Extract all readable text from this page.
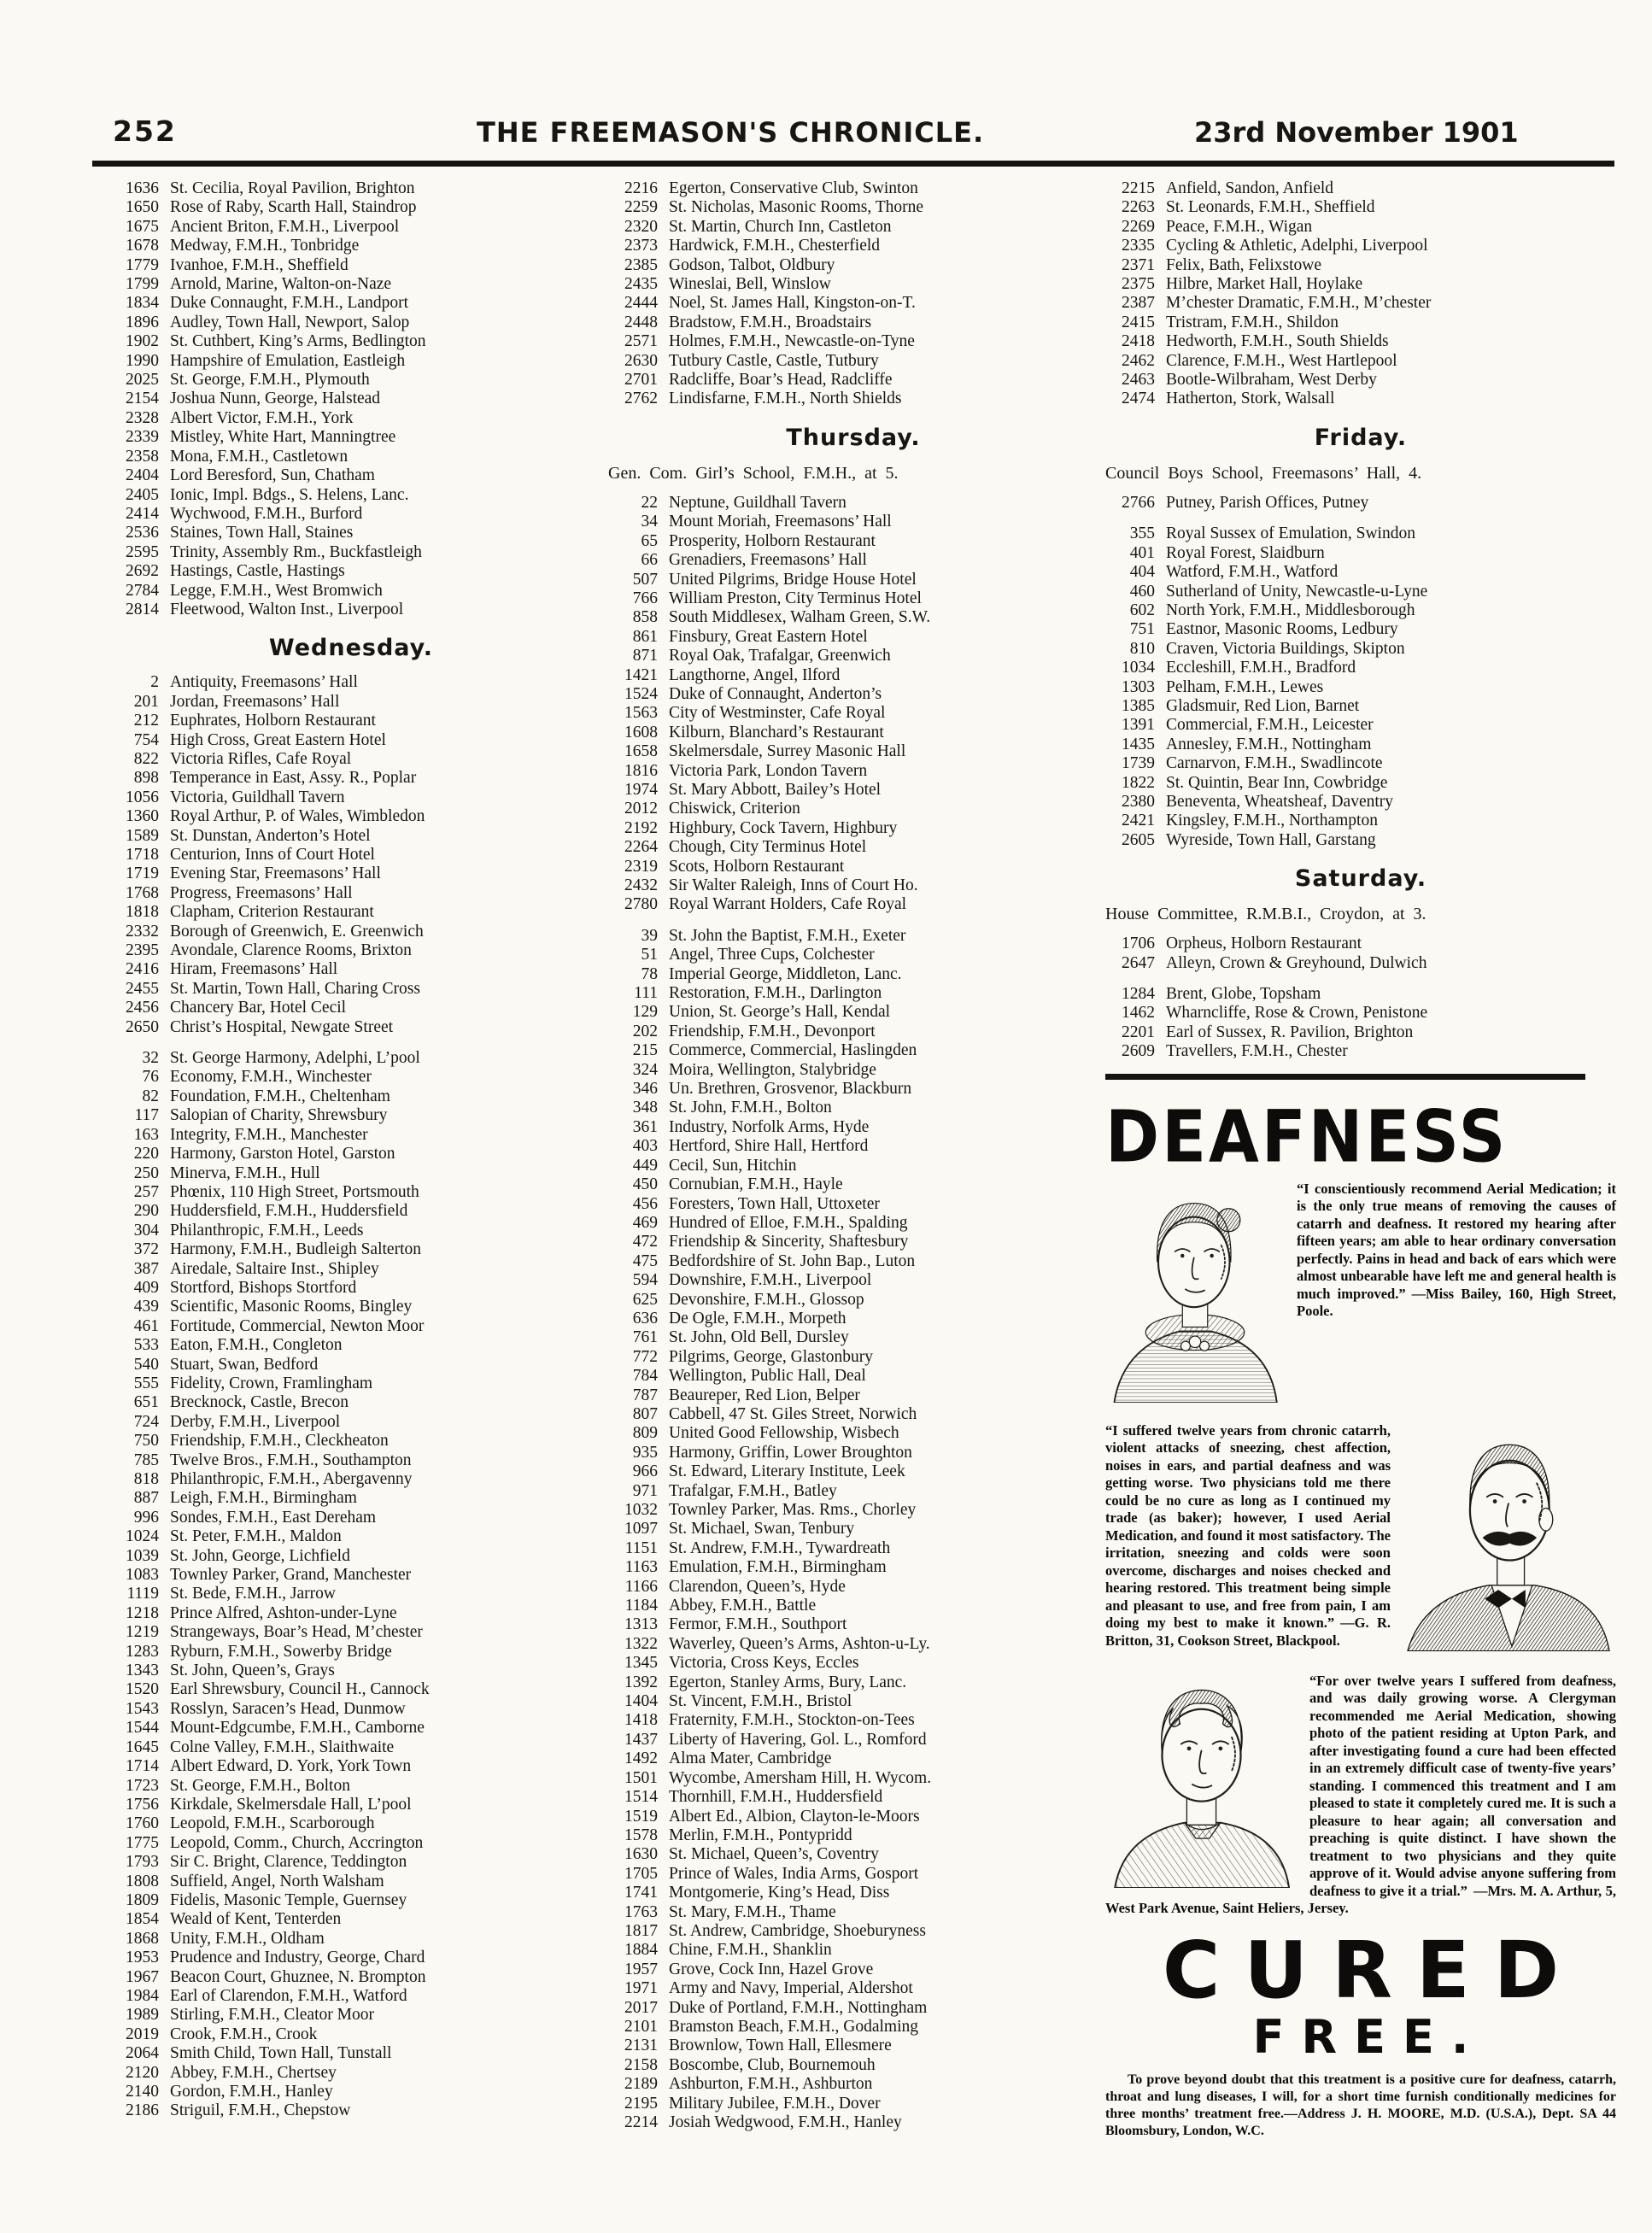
252	THE FREEMASON'S CHRONICLE.	23rd November 1901
1636 St. Cecilia, Royal Pavilion, Brighton
1650 Rose of Raby, Scarth Hall, Staindrop
1675 Ancient Briton, F.M.H., Liverpool
1678 Medway, F.M.H., Tonbridge
1779 Ivanhoe, F.M.H., Sheffield
1799 Arnold, Marine, Walton-on-Naze
1834 Duke Connaught, F.M.H., Landport
1896 Audley, Town Hall, Newport, Salop
1902 St. Cuthbert, King’s Arms, Bedlington
1990 Hampshire of Emulation, Eastleigh
2025 St. George, F.M.H., Plymouth
2154 Joshua Nunn, George, Halstead
2328 Albert Victor, F.M.H., York
2339 Mistley, White Hart, Manningtree
2358 Mona, F.M.H., Castletown
2404 Lord Beresford, Sun, Chatham
2405 Ionic, Impl. Bdgs., S. Helens, Lanc.
2414 Wychwood, F.M.H., Burford
2536 Staines, Town Hall, Staines
2595 Trinity, Assembly Rm., Buckfastleigh
2692 Hastings, Castle, Hastings
2784 Legge, F.M.H., West Bromwich
2814 Fleetwood, Walton Inst., Liverpool
Wednesday.
2 Antiquity, Freemasons’ Hall
201 Jordan, Freemasons’ Hall
212 Euphrates, Holborn Restaurant
754 High Cross, Great Eastern Hotel
822 Victoria Rifles, Cafe Royal
898 Temperance in East, Assy. R., Poplar
1056 Victoria, Guildhall Tavern
1360 Royal Arthur, P. of Wales, Wimbledon
1589 St. Dunstan, Anderton’s Hotel
1718 Centurion, Inns of Court Hotel
1719 Evening Star, Freemasons’ Hall
1768 Progress, Freemasons’ Hall
1818 Clapham, Criterion Restaurant
2332 Borough of Greenwich, E. Greenwich
2395 Avondale, Clarence Rooms, Brixton
2416 Hiram, Freemasons’ Hall
2455 St. Martin, Town Hall, Charing Cross
2456 Chancery Bar, Hotel Cecil
2650 Christ’s Hospital, Newgate Street
32 St. George Harmony, Adelphi, L’pool
76 Economy, F.M.H., Winchester
82 Foundation, F.M.H., Cheltenham
117 Salopian of Charity, Shrewsbury
163 Integrity, F.M.H., Manchester
220 Harmony, Garston Hotel, Garston
250 Minerva, F.M.H., Hull
257 Phœnix, 110 High Street, Portsmouth
290 Huddersfield, F.M.H., Huddersfield
304 Philanthropic, F.M.H., Leeds
372 Harmony, F.M.H., Budleigh Salterton
387 Airedale, Saltaire Inst., Shipley
409 Stortford, Bishops Stortford
439 Scientific, Masonic Rooms, Bingley
461 Fortitude, Commercial, Newton Moor
533 Eaton, F.M.H., Congleton
540 Stuart, Swan, Bedford
555 Fidelity, Crown, Framlingham
651 Brecknock, Castle, Brecon
724 Derby, F.M.H., Liverpool
750 Friendship, F.M.H., Cleckheaton
785 Twelve Bros., F.M.H., Southampton
818 Philanthropic, F.M.H., Abergavenny
887 Leigh, F.M.H., Birmingham
996 Sondes, F.M.H., East Dereham
1024 St. Peter, F.M.H., Maldon
1039 St. John, George, Lichfield
1083 Townley Parker, Grand, Manchester
1119 St. Bede, F.M.H., Jarrow
1218 Prince Alfred, Ashton-under-Lyne
1219 Strangeways, Boar’s Head, M’chester
1283 Ryburn, F.M.H., Sowerby Bridge
1343 St. John, Queen’s, Grays
1520 Earl Shrewsbury, Council H., Cannock
1543 Rosslyn, Saracen’s Head, Dunmow
1544 Mount-Edgcumbe, F.M.H., Camborne
1645 Colne Valley, F.M.H., Slaithwaite
1714 Albert Edward, D. York, York Town
1723 St. George, F.M.H., Bolton
1756 Kirkdale, Skelmersdale Hall, L’pool
1760 Leopold, F.M.H., Scarborough
1775 Leopold, Comm., Church, Accrington
1793 Sir C. Bright, Clarence, Teddington
1808 Suffield, Angel, North Walsham
1809 Fidelis, Masonic Temple, Guernsey
1854 Weald of Kent, Tenterden
1868 Unity, F.M.H., Oldham
1953 Prudence and Industry, George, Chard
1967 Beacon Court, Ghuznee, N. Brompton
1984 Earl of Clarendon, F.M.H., Watford
1989 Stirling, F.M.H., Cleator Moor
2019 Crook, F.M.H., Crook
2064 Smith Child, Town Hall, Tunstall
2120 Abbey, F.M.H., Chertsey
2140 Gordon, F.M.H., Hanley
2186 Striguil, F.M.H., Chepstow
2216 Egerton, Conservative Club, Swinton
2259 St. Nicholas, Masonic Rooms, Thorne
2320 St. Martin, Church Inn, Castleton
2373 Hardwick, F.M.H., Chesterfield
2385 Godson, Talbot, Oldbury
2435 Wineslai, Bell, Winslow
2444 Noel, St. James Hall, Kingston-on-T.
2448 Bradstow, F.M.H., Broadstairs
2571 Holmes, F.M.H., Newcastle-on-Tyne
2630 Tutbury Castle, Castle, Tutbury
2701 Radcliffe, Boar’s Head, Radcliffe
2762 Lindisfarne, F.M.H., North Shields
Thursday.
Gen. Com. Girl’s School, F.M.H., at 5.
22 Neptune, Guildhall Tavern
34 Mount Moriah, Freemasons’ Hall
65 Prosperity, Holborn Restaurant
66 Grenadiers, Freemasons’ Hall
507 United Pilgrims, Bridge House Hotel
766 William Preston, City Terminus Hotel
858 South Middlesex, Walham Green, S.W.
861 Finsbury, Great Eastern Hotel
871 Royal Oak, Trafalgar, Greenwich
1421 Langthorne, Angel, Ilford
1524 Duke of Connaught, Anderton’s
1563 City of Westminster, Cafe Royal
1608 Kilburn, Blanchard’s Restaurant
1658 Skelmersdale, Surrey Masonic Hall
1816 Victoria Park, London Tavern
1974 St. Mary Abbott, Bailey’s Hotel
2012 Chiswick, Criterion
2192 Highbury, Cock Tavern, Highbury
2264 Chough, City Terminus Hotel
2319 Scots, Holborn Restaurant
2432 Sir Walter Raleigh, Inns of Court Ho.
2780 Royal Warrant Holders, Cafe Royal
39 St. John the Baptist, F.M.H., Exeter
51 Angel, Three Cups, Colchester
78 Imperial George, Middleton, Lanc.
111 Restoration, F.M.H., Darlington
129 Union, St. George’s Hall, Kendal
202 Friendship, F.M.H., Devonport
215 Commerce, Commercial, Haslingden
324 Moira, Wellington, Stalybridge
346 Un. Brethren, Grosvenor, Blackburn
348 St. John, F.M.H., Bolton
361 Industry, Norfolk Arms, Hyde
403 Hertford, Shire Hall, Hertford
449 Cecil, Sun, Hitchin
450 Cornubian, F.M.H., Hayle
456 Foresters, Town Hall, Uttoxeter
469 Hundred of Elloe, F.M.H., Spalding
472 Friendship & Sincerity, Shaftesbury
475 Bedfordshire of St. John Bap., Luton
594 Downshire, F.M.H., Liverpool
625 Devonshire, F.M.H., Glossop
636 De Ogle, F.M.H., Morpeth
761 St. John, Old Bell, Dursley
772 Pilgrims, George, Glastonbury
784 Wellington, Public Hall, Deal
787 Beaureper, Red Lion, Belper
807 Cabbell, 47 St. Giles Street, Norwich
809 United Good Fellowship, Wisbech
935 Harmony, Griffin, Lower Broughton
966 St. Edward, Literary Institute, Leek
971 Trafalgar, F.M.H., Batley
1032 Townley Parker, Mas. Rms., Chorley
1097 St. Michael, Swan, Tenbury
1151 St. Andrew, F.M.H., Tywardreath
1163 Emulation, F.M.H., Birmingham
1166 Clarendon, Queen’s, Hyde
1184 Abbey, F.M.H., Battle
1313 Fermor, F.M.H., Southport
1322 Waverley, Queen’s Arms, Ashton-u-Ly.
1345 Victoria, Cross Keys, Eccles
1392 Egerton, Stanley Arms, Bury, Lanc.
1404 St. Vincent, F.M.H., Bristol
1418 Fraternity, F.M.H., Stockton-on-Tees
1437 Liberty of Havering, Gol. L., Romford
1492 Alma Mater, Cambridge
1501 Wycombe, Amersham Hill, H. Wycom.
1514 Thornhill, F.M.H., Huddersfield
1519 Albert Ed., Albion, Clayton-le-Moors
1578 Merlin, F.M.H., Pontypridd
1630 St. Michael, Queen’s, Coventry
1705 Prince of Wales, India Arms, Gosport
1741 Montgomerie, King’s Head, Diss
1763 St. Mary, F.M.H., Thame
1817 St. Andrew, Cambridge, Shoeburyness
1884 Chine, F.M.H., Shanklin
1957 Grove, Cock Inn, Hazel Grove
1971 Army and Navy, Imperial, Aldershot
2017 Duke of Portland, F.M.H., Nottingham
2101 Bramston Beach, F.M.H., Godalming
2131 Brownlow, Town Hall, Ellesmere
2158 Boscombe, Club, Bournemouh
2189 Ashburton, F.M.H., Ashburton
2195 Military Jubilee, F.M.H., Dover
2214 Josiah Wedgwood, F.M.H., Hanley
2215 Anfield, Sandon, Anfield
2263 St. Leonards, F.M.H., Sheffield
2269 Peace, F.M.H., Wigan
2335 Cycling & Athletic, Adelphi, Liverpool
2371 Felix, Bath, Felixstowe
2375 Hilbre, Market Hall, Hoylake
2387 M’chester Dramatic, F.M.H., M’chester
2415 Tristram, F.M.H., Shildon
2418 Hedworth, F.M.H., South Shields
2462 Clarence, F.M.H., West Hartlepool
2463 Bootle-Wilbraham, West Derby
2474 Hatherton, Stork, Walsall
Friday.
Council Boys School, Freemasons’ Hall, 4.
2766 Putney, Parish Offices, Putney
355 Royal Sussex of Emulation, Swindon
401 Royal Forest, Slaidburn
404 Watford, F.M.H., Watford
460 Sutherland of Unity, Newcastle-u-Lyne
602 North York, F.M.H., Middlesborough
751 Eastnor, Masonic Rooms, Ledbury
810 Craven, Victoria Buildings, Skipton
1034 Eccleshill, F.M.H., Bradford
1303 Pelham, F.M.H., Lewes
1385 Gladsmuir, Red Lion, Barnet
1391 Commercial, F.M.H., Leicester
1435 Annesley, F.M.H., Nottingham
1739 Carnarvon, F.M.H., Swadlincote
1822 St. Quintin, Bear Inn, Cowbridge
2380 Beneventa, Wheatsheaf, Daventry
2421 Kingsley, F.M.H., Northampton
2605 Wyreside, Town Hall, Garstang
Saturday.
House Committee, R.M.B.I., Croydon, at 3.
1706 Orpheus, Holborn Restaurant
2647 Alleyn, Crown & Greyhound, Dulwich
1284 Brent, Globe, Topsham
1462 Wharncliffe, Rose & Crown, Penistone
2201 Earl of Sussex, R. Pavilion, Brighton
2609 Travellers, F.M.H., Chester
DEAFNESS

“I conscientiously recommend Aerial Medication; it is the only true means of removing the causes of catarrh and deafness. It restored my hearing after fifteen years; am able to hear ordinary conversation perfectly. Pains in head and back of ears which were almost unbearable have left me and general health is much improved.” —Miss Bailey, 160, High Street, Poole.

“I suffered twelve years from chronic catarrh, violent attacks of sneezing, chest affection, noises in ears, and partial deafness and was getting worse. Two physicians told me there could be no cure as long as I continued my trade (as baker); however, I used Aerial Medication, and found it most satisfactory. The irritation, sneezing and colds were soon overcome, discharges and noises checked and hearing restored. This treatment being simple and pleasant to use, and free from pain, I am doing my best to make it known.” —G. R. Britton, 31, Cookson Street, Blackpool.

“For over twelve years I suffered from deafness, and was daily growing worse. A Clergyman recommended me Aerial Medication, showing photo of the patient residing at Upton Park, and after investigating found a cure had been effected in an extremely difficult case of twenty-five years’ standing. I commenced this treatment and I am pleased to state it completely cured me. It is such a pleasure to hear again; all conversation and preaching is quite distinct. I have shown the treatment to two physicians and they quite approve of it. Would advise anyone suffering from deafness to give it a trial.” —Mrs. M. A. Arthur, 5, West Park Avenue, Saint Heliers, Jersey.

CURED
FREE.

To prove beyond doubt that this treatment is a positive cure for deafness, catarrh, throat and lung diseases, I will, for a short time furnish conditionally medicines for three months’ treatment free.—Address J. H. MOORE, M.D. (U.S.A.), Dept. SA 44 Bloomsbury, London, W.C.
